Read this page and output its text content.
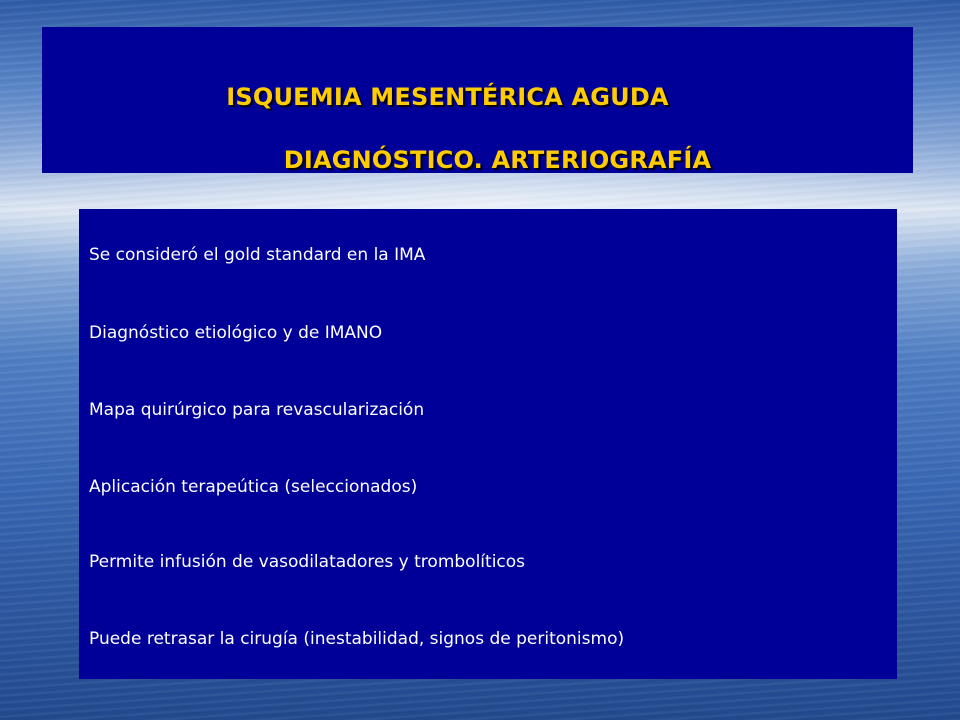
ISQUEMIA MESENTÉRICA AGUDA
DIAGNÓSTICO. ARTERIOGRAFÍA
Se consideró el gold standard en la IMA
Diagnóstico etiológico y de IMANO
Mapa quirúrgico para revascularización
Aplicación terapeútica (seleccionados)
Permite infusión de vasodilatadores y trombolíticos
Puede retrasar la cirugía (inestabilidad, signos de peritonismo)
